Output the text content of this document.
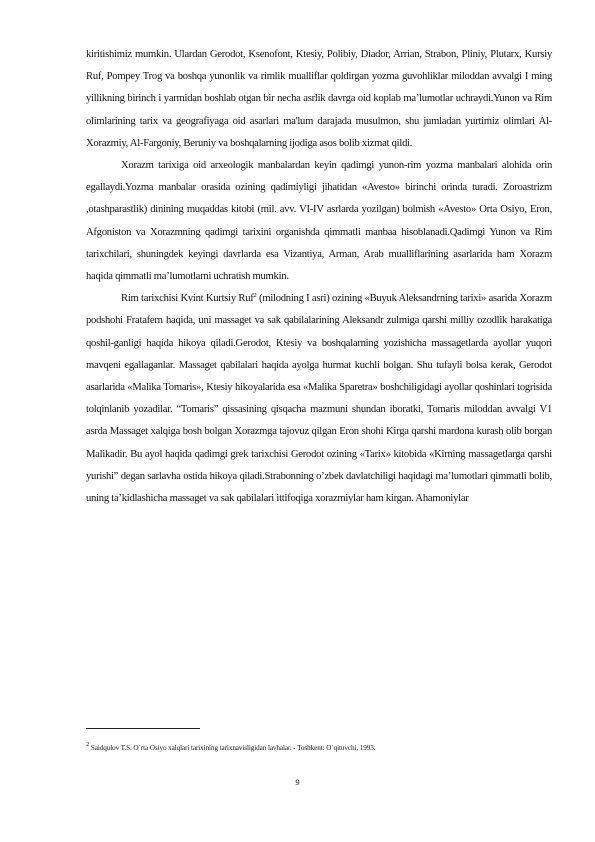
kiritishimiz mumkin. Ulardan Gerodot, Ksenofont, Ktesiy, Polibiy, Diador, Arrian, Strabon, Pliniy, Plutarx, Kursiy Ruf, Pompey Trog va boshqa yunonlik va rimlik mualliflar qoldirgan yozma guvohliklar miloddan avvalgi I ming yillikning birinch i yarmidan boshlab otgan bir necha asrlik davrga oid koplab ma’lumotlar uchraydi.Yunon va Rim olimlarining tarix va geografiyaga oid asarlari ma'lum darajada musulmon, shu jumladan yurtimiz olimlari Al-Xorazmiy, Al-Fargoniy, Beruniy va boshqalarning ijodiga asos bolib xizmat qildi.

Xorazm tarixiga oid arxeologik manbalardan keyin qadimgi yunon-rim yozma manbalari alohida orin egallaydi.Yozma manbalar orasida ozining qadimiyligi jihatidan «Avesto» birinchi orinda turadi. Zoroastrizm ,otashparastlik) dinining muqaddas kitobi (mil. avv. VI-IV asrlarda yozilgan) bolmish «Avesto» Orta Osiyo, Eron, Afgoniston va Xorazmning qadimgi tarixini organishda qimmatli manbaa hisoblanadi.Qadimgi Yunon va Rim tarixchilari, shuningdek keyingi davrlarda esa Vizantiya, Arman, Arab mualliflarining asarlarida ham Xorazm haqida qimmatli ma’lumotlarni uchratish mumkin.

Rim tarixchisi Kvint Kurtsiy Ruf$^2$ (milodning I asri) ozining «Buyuk Aleksandrning tarixi» asarida Xorazm podshohi Fratafern haqida, uni massaget va sak qabilalarining Aleksandr zulmiga qarshi milliy ozodlik harakatiga qoshil-ganligi haqida hikoya qiladi.Gerodot, Ktesiy va boshqalarning yozishicha massagetlarda ayollar yuqori mavqeni egallaganlar. Massaget qabilalari haqida ayolga hurmat kuchli bolgan. Shu tufayli bolsa kerak, Gerodot asarlarida «Malika Tomaris», Ktesiy hikoyalarida esa «Malika Sparetra» boshchiligidagi ayollar qoshinlari togrisida tolqinlanib yozadilar. “Tomaris” qissasining qisqacha mazmuni shundan iboratki, Tomaris miloddan avvalgi V1 asrda Massaget xalqiga bosh bolgan Xorazmga tajovuz qilgan Eron shohi Kirga qarshi mardona kurash olib borgan Malikadir. Bu ayol haqida qadimgi grek tarixchisi Gerodot ozining «Tarix» kitobida «Kirning massagetlarga qarshi yurishi” degan sarlavha ostida hikoya qiladi.Strabonning o’zbek davlatchiligi haqidagi ma’lumotlari qimmatli bolib, uning ta’kidlashicha massaget va sak qabilalari ittifoqiga xorazmiylar ham kirgan. Ahamoniylar

$^2$ Saidqulov T.S. O`rta Osiyo xalqlari tarixining tarixnavisligidan lavhalar. - Toshkent: O`qituvchi, 1993.
9
